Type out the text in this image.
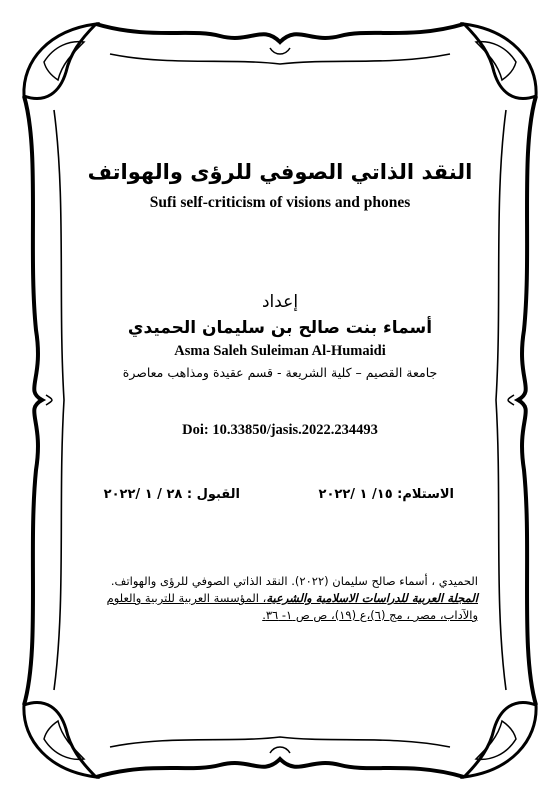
النقد الذاتي الصوفي للرؤى والهواتف
Sufi self-criticism of visions and phones
إعداد
أسماء بنت صالح بن سليمان الحميدي
Asma Saleh Suleiman Al-Humaidi
جامعة القصيم – كلية الشريعة - قسم عقيدة ومذاهب معاصرة
Doi: 10.33850/jasis.2022.234493
الاستلام: ١٥/ ١ /٢٠٢٢
القبول : ٢٨ / ١ /٢٠٢٢
الحميدي ، أسماء صالح سليمان (٢٠٢٢). النقد الذاتي الصوفي للرؤى والهواتف. المجلة العربية للدراسات الاسلامية والشرعية، المؤسسة العربية للتربية والعلوم والآداب، مصر ، مج (٦)،ع (١٩)، ص ص ١- ٣٦.
